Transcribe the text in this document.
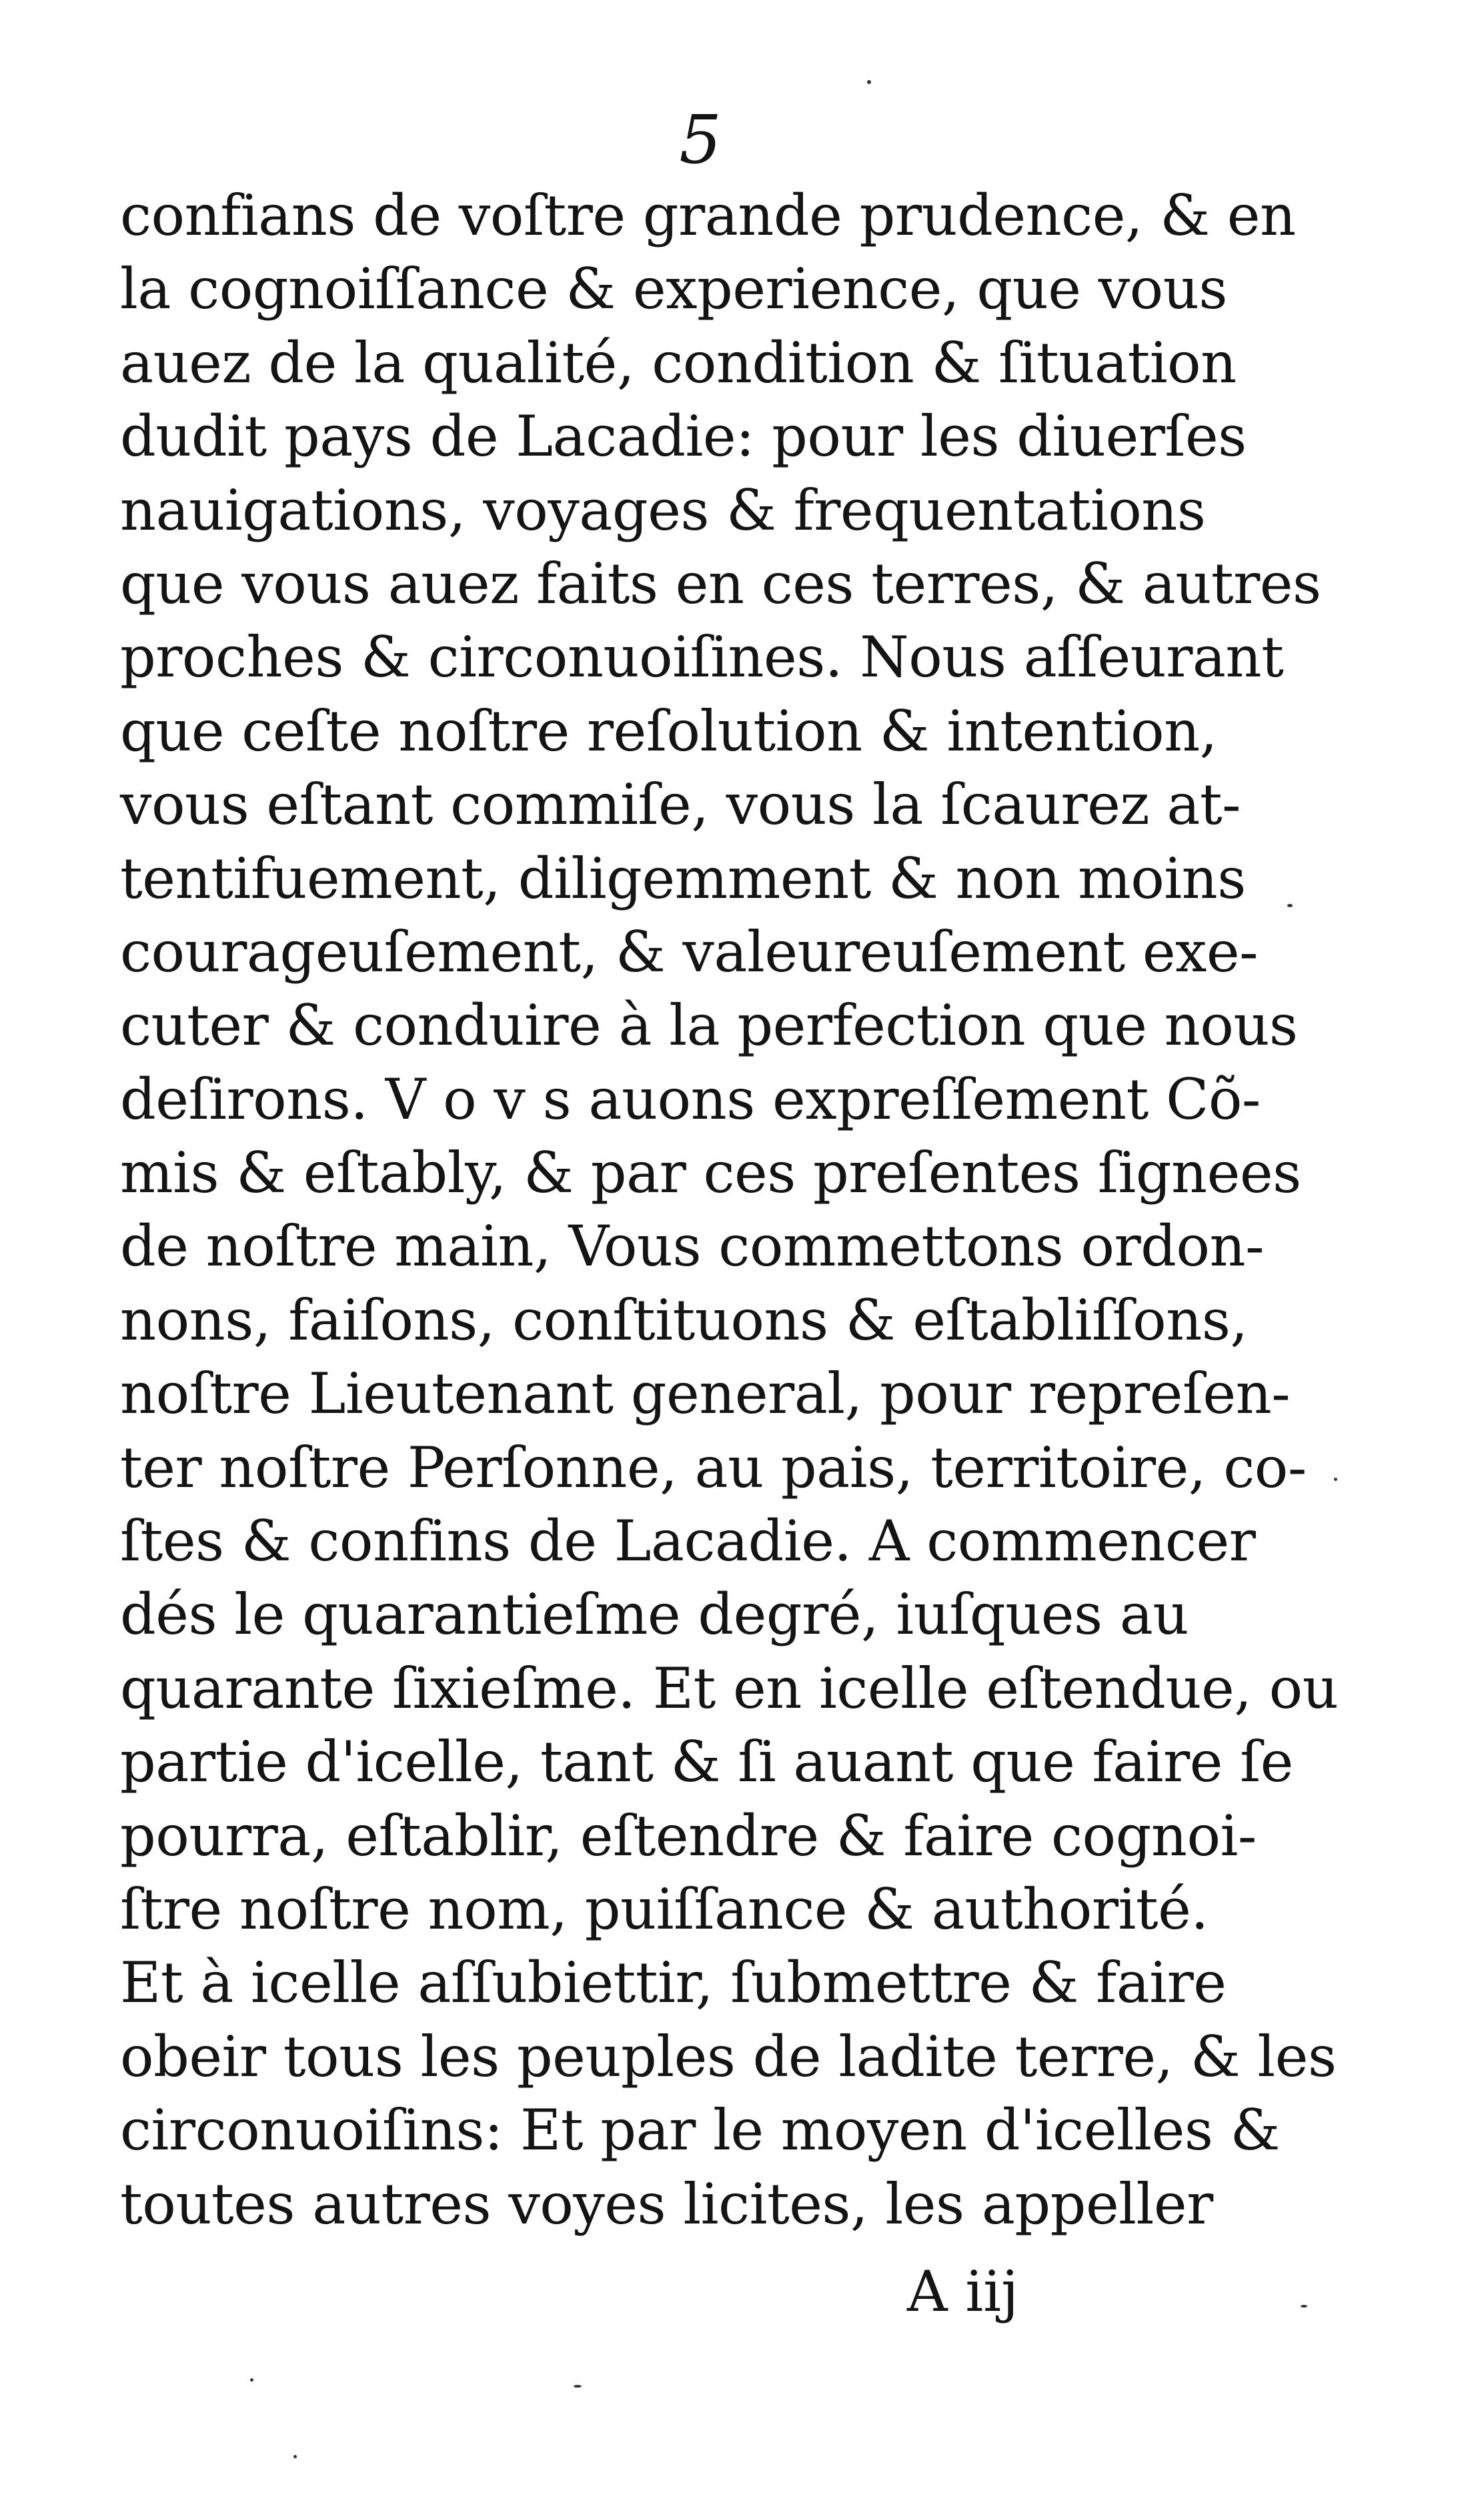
5
confians de voſtre grande prudence, & en
la cognoiſſance & experience, que vous
auez de la qualité, condition & ſituation
dudit pays de Lacadie: pour les diuerſes
nauigations, voyages & frequentations
que vous auez faits en ces terres, & autres
proches & circonuoiſines. Nous aſſeurant
que ceſte noſtre reſolution & intention,
vous eſtant commiſe, vous la ſcaurez at-
tentifuement, diligemment & non moins
courageuſement, & valeureuſement exe-
cuter & conduire à la perfection que nous
deſirons. V o v s auons expreſſement Cõ-
mis & eſtably, & par ces preſentes ſignees
de noſtre main, Vous commettons ordon-
nons, faiſons, conſtituons & eſtabliſſons,
noſtre Lieutenant general, pour repreſen-
ter noſtre Perſonne, au pais, territoire, co-
ſtes & confins de Lacadie. A commencer
dés le quarantieſme degré, iuſques au
quarante ſixieſme. Et en icelle eſtendue, ou
partie d'icelle, tant & ſi auant que faire ſe
pourra, eſtablir, eſtendre & faire cognoi-
ſtre noſtre nom, puiſſance & authorité.
Et à icelle aſſubiettir, ſubmettre & faire
obeir tous les peuples de ladite terre, & les
circonuoiſins: Et par le moyen d'icelles &
toutes autres voyes licites, les appeller
A iij
